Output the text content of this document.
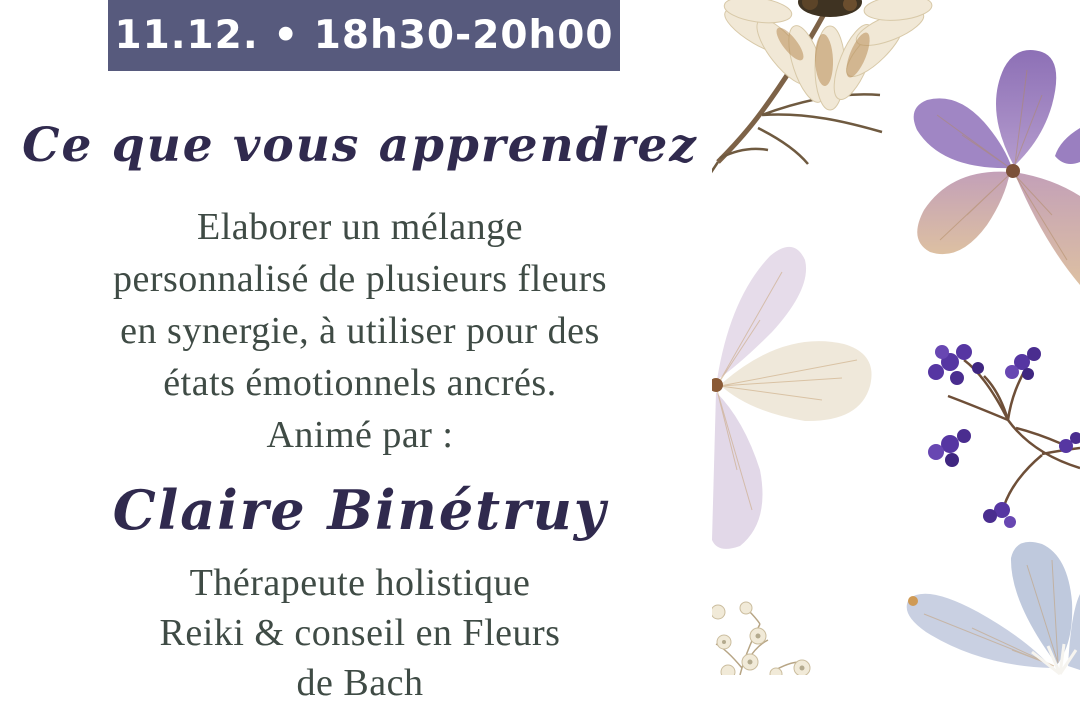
11.12. • 18h30-20h00
Ce que vous apprendrez
Elaborer un mélange
personnalisé de plusieurs fleurs
en synergie, à utiliser pour des
états émotionnels ancrés.
Animé par :
Claire Binétruy
Thérapeute holistique
Reiki & conseil en Fleurs
de Bach
